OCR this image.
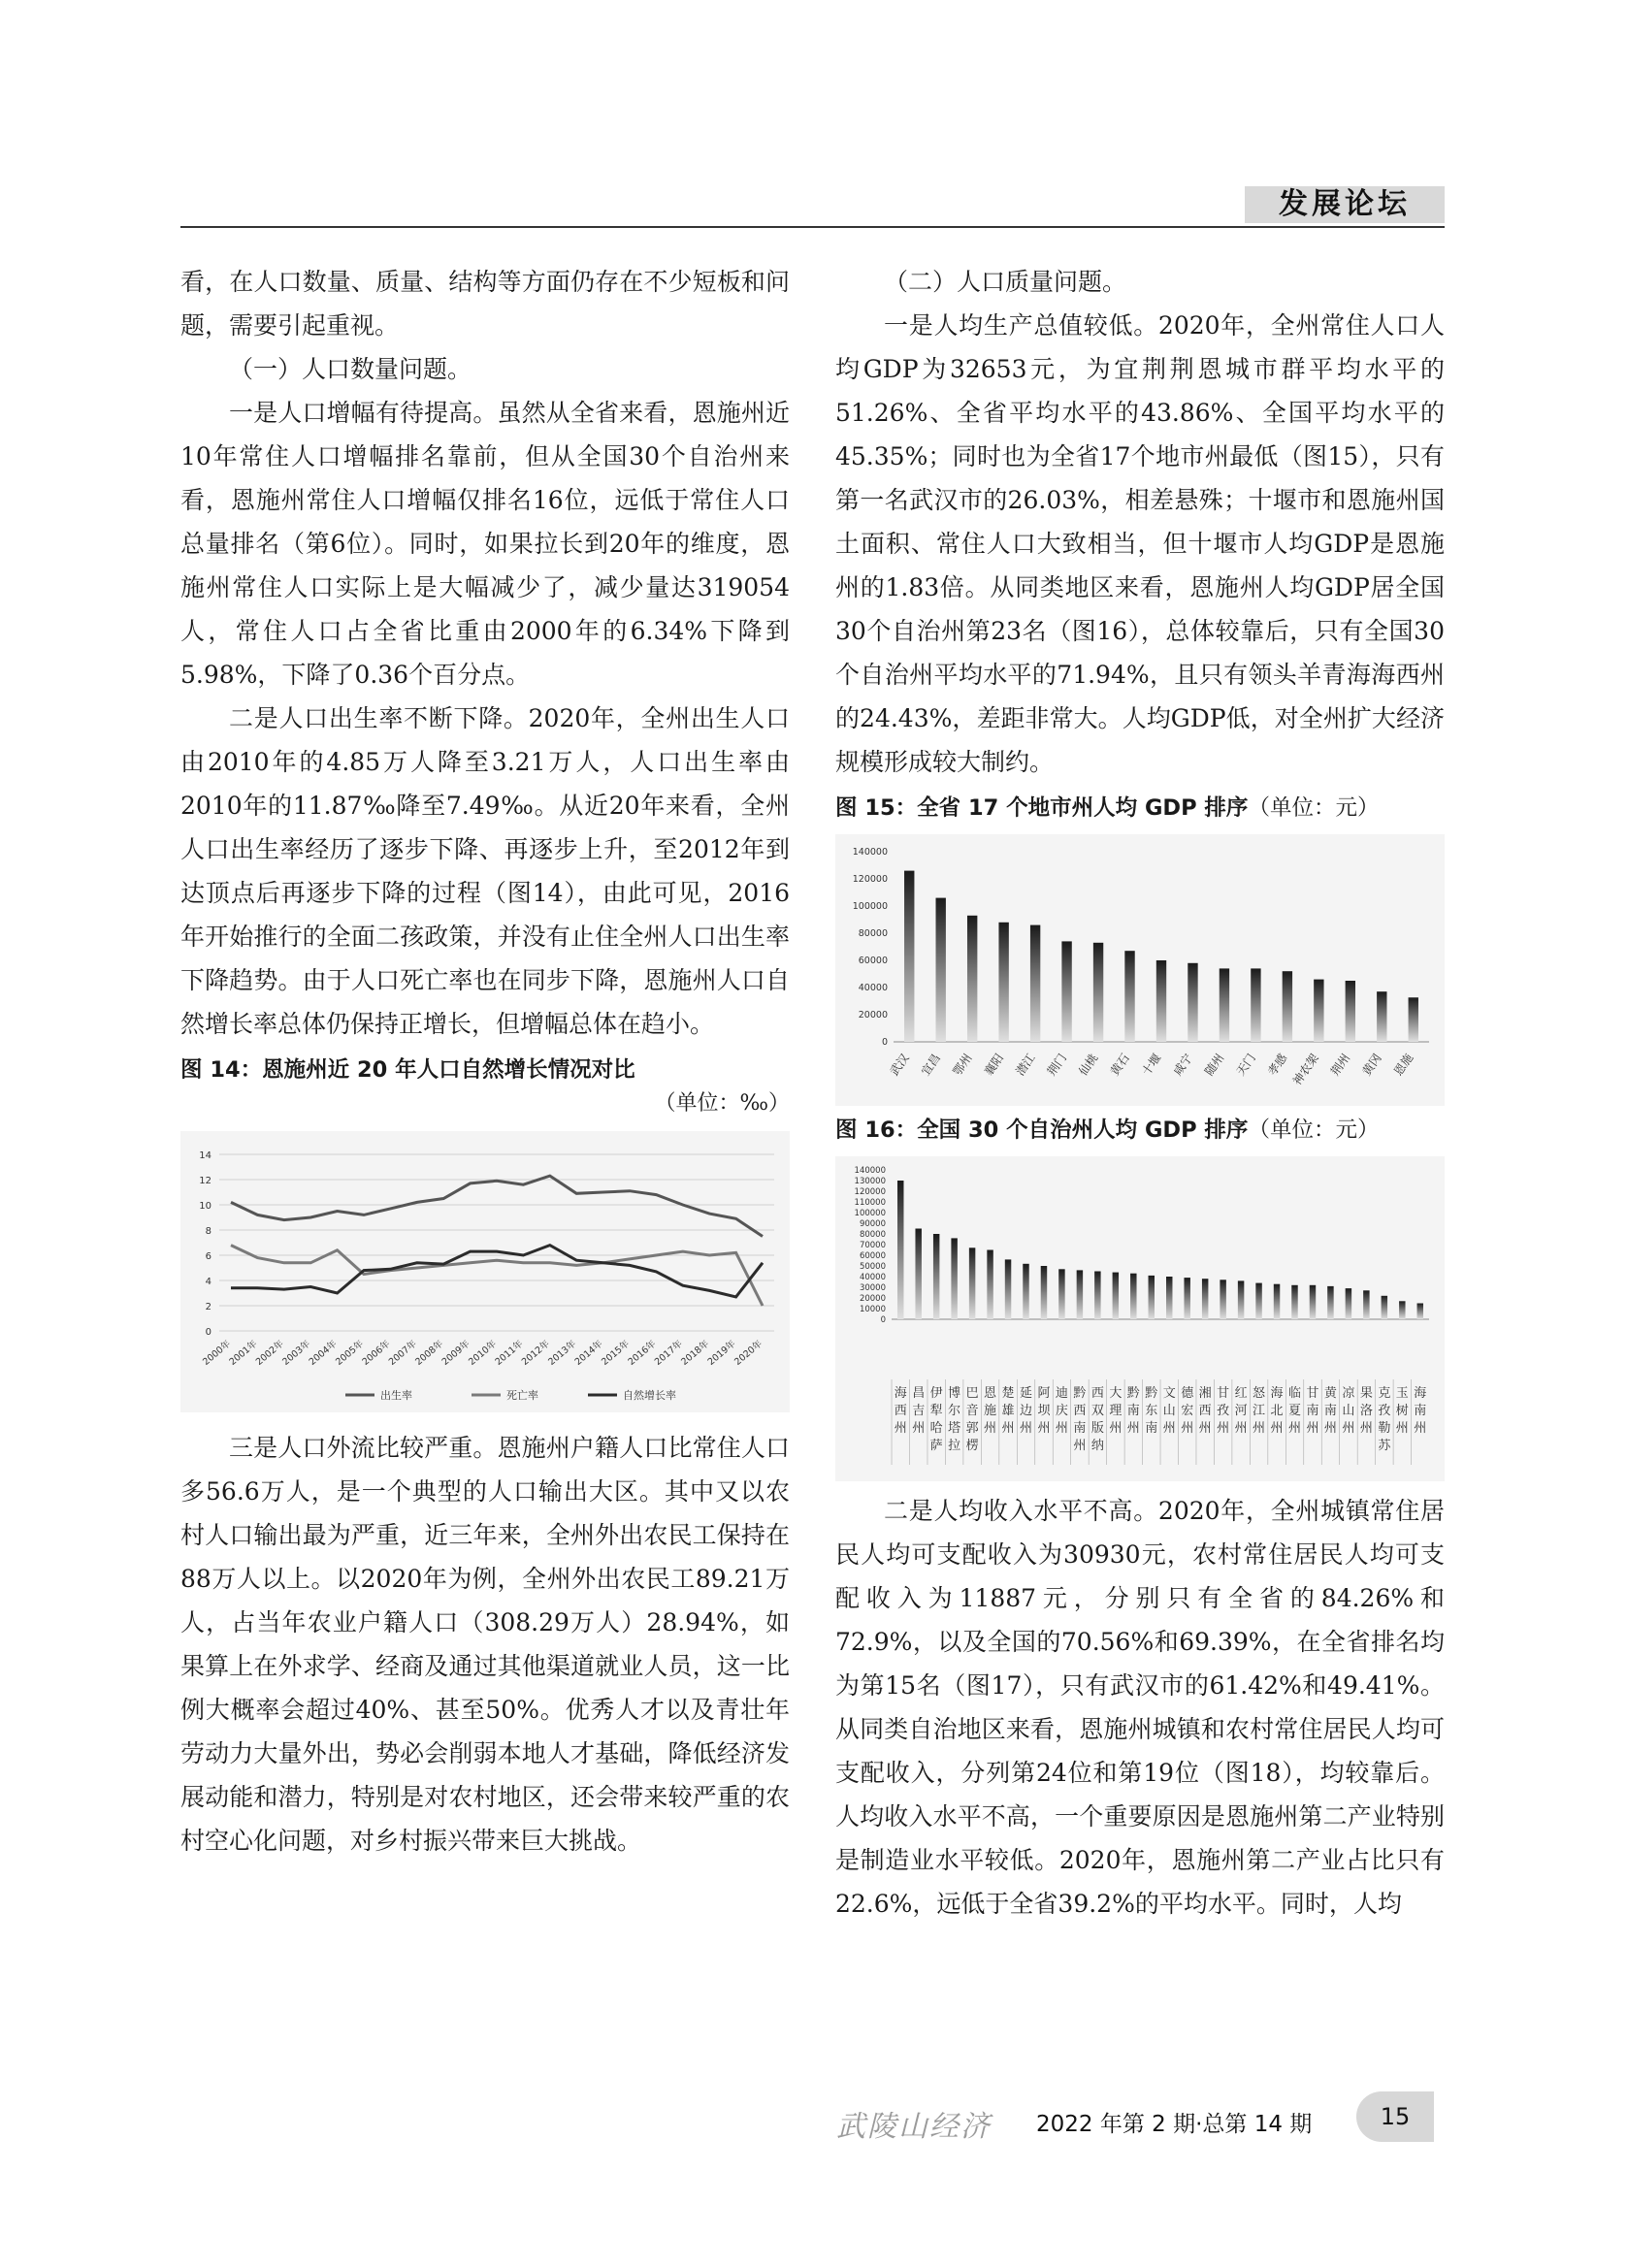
发展论坛

看，在人口数量、质量、结构等方面仍存在不少短板和问题，需要引起重视。

（一）人口数量问题。

一是人口增幅有待提高。虽然从全省来看，恩施州近10年常住人口增幅排名靠前，但从全国30个自治州来看，恩施州常住人口增幅仅排名16位，远低于常住人口总量排名（第6位）。同时，如果拉长到20年的维度，恩施州常住人口实际上是大幅减少了，减少量达319054人，常住人口占全省比重由2000年的6.34%下降到5.98%，下降了0.36个百分点。

二是人口出生率不断下降。2020年，全州出生人口由2010年的4.85万人降至3.21万人，人口出生率由2010年的11.87‰降至7.49‰。从近20年来看，全州人口出生率经历了逐步下降、再逐步上升，至2012年到达顶点后再逐步下降的过程（图14），由此可见，2016年开始推行的全面二孩政策，并没有止住全州人口出生率下降趋势。由于人口死亡率也在同步下降，恩施州人口自然增长率总体仍保持正增长，但增幅总体在趋小。

图 14：恩施州近 20 年人口自然增长情况对比

（单位：‰）

0
2
4
6
8
10
12
14
2000年
2001年
2002年
2003年
2004年
2005年
2006年
2007年
2008年
2009年
2010年
2011年
2012年
2013年
2014年
2015年
2016年
2017年
2018年
2019年
2020年
出生率	死亡率	自然增长率

三是人口外流比较严重。恩施州户籍人口比常住人口多56.6万人，是一个典型的人口输出大区。其中又以农村人口输出最为严重，近三年来，全州外出农民工保持在88万人以上。以2020年为例，全州外出农民工89.21万人，占当年农业户籍人口（308.29万人）28.94%，如果算上在外求学、经商及通过其他渠道就业人员，这一比例大概率会超过40%、甚至50%。优秀人才以及青壮年劳动力大量外出，势必会削弱本地人才基础，降低经济发展动能和潜力，特别是对农村地区，还会带来较严重的农村空心化问题，对乡村振兴带来巨大挑战。

（二）人口质量问题。

一是人均生产总值较低。2020年，全州常住人口人均GDP为32653元，为宜荆荆恩城市群平均水平的51.26%、全省平均水平的43.86%、全国平均水平的45.35%；同时也为全省17个地市州最低（图15），只有第一名武汉市的26.03%，相差悬殊；十堰市和恩施州国土面积、常住人口大致相当，但十堰市人均GDP是恩施州的1.83倍。从同类地区来看，恩施州人均GDP居全国30个自治州第23名（图16），总体较靠后，只有全国30个自治州平均水平的71.94%，且只有领头羊青海海西州的24.43%，差距非常大。人均GDP低，对全州扩大经济规模形成较大制约。

图 15：全省 17 个地市州人均 GDP 排序（单位：元）

0
20000
40000
60000
80000
100000
120000
140000
武汉 宜昌 鄂州 襄阳 潜江 荆门 仙桃 黄石 十堰 咸宁 随州 天门 孝感 神农架 荆州 黄冈 恩施

图 16：全国 30 个自治州人均 GDP 排序（单位：元）

0
10000
20000
30000
40000
50000
60000
70000
80000
90000
100000
110000
120000
130000
140000
海
西
州
昌
吉
州
伊
犁
哈
萨
博
尔
塔
拉
巴
音
郭
楞
恩
施
州
楚
雄
州
延
边
州
阿
坝
州
迪
庆
州
黔
西
南
州
西
双
版
纳
大
理
州
黔
南
州
黔
东
南
文
山
州
德
宏
州
湘
西
州
甘
孜
州
红
河
州
怒
江
州
海
北
州
临
夏
州
甘
南
州
黄
南
州
凉
山
州
果
洛
州
克
孜
勒
苏
玉
树
州
海
南
州

二是人均收入水平不高。2020年，全州城镇常住居民人均可支配收入为30930元，农村常住居民人均可支配收入为11887元，分别只有全省的84.26%和72.9%，以及全国的70.56%和69.39%，在全省排名均为第15名（图17），只有武汉市的61.42%和49.41%。从同类自治地区来看，恩施州城镇和农村常住居民人均可支配收入，分列第24位和第19位（图18），均较靠后。人均收入水平不高，一个重要原因是恩施州第二产业特别是制造业水平较低。2020年，恩施州第二产业占比只有22.6%，远低于全省39.2%的平均水平。同时，人均

武陵山经济 2022 年第 2 期·总第 14 期	15
